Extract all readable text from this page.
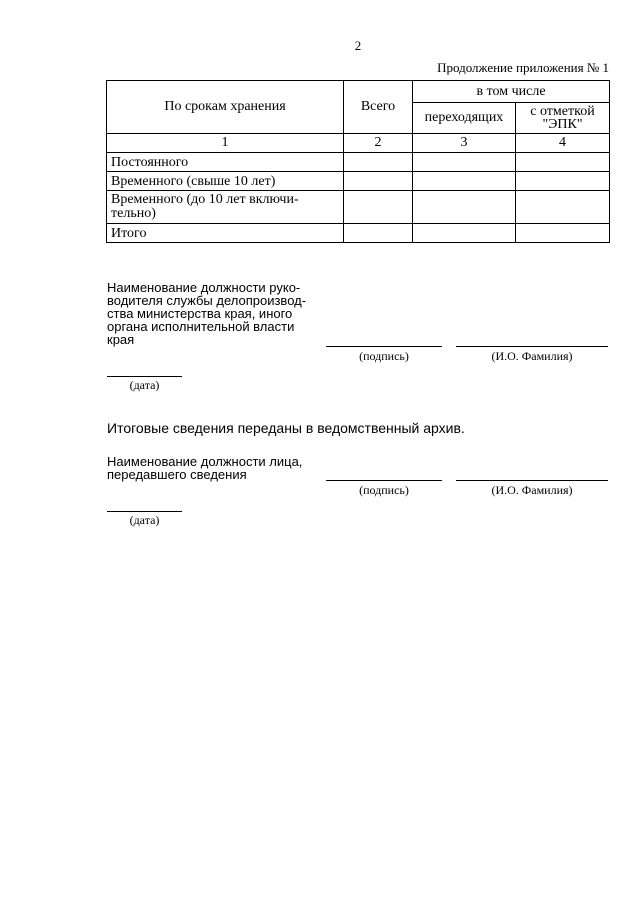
2
Продолжение приложения № 1
По срокам хранения	Всего	в том числе	
		переходящих	с отметкой
"ЭПК"

1	2	3	4
Постоянного			
Временного (свыше 10 лет)			

Временного (до 10 лет включи-
тельно)			

Итого			
Наименование должности руко-
водителя службы делопроизвод-
ства министерства края, иного
органа исполнительной власти
края
(подпись)	(И.О. Фамилия)
(дата)
Итоговые сведения переданы в ведомственный архив.
Наименование должности лица,
передавшего сведения
(подпись)	(И.О. Фамилия)
(дата)
